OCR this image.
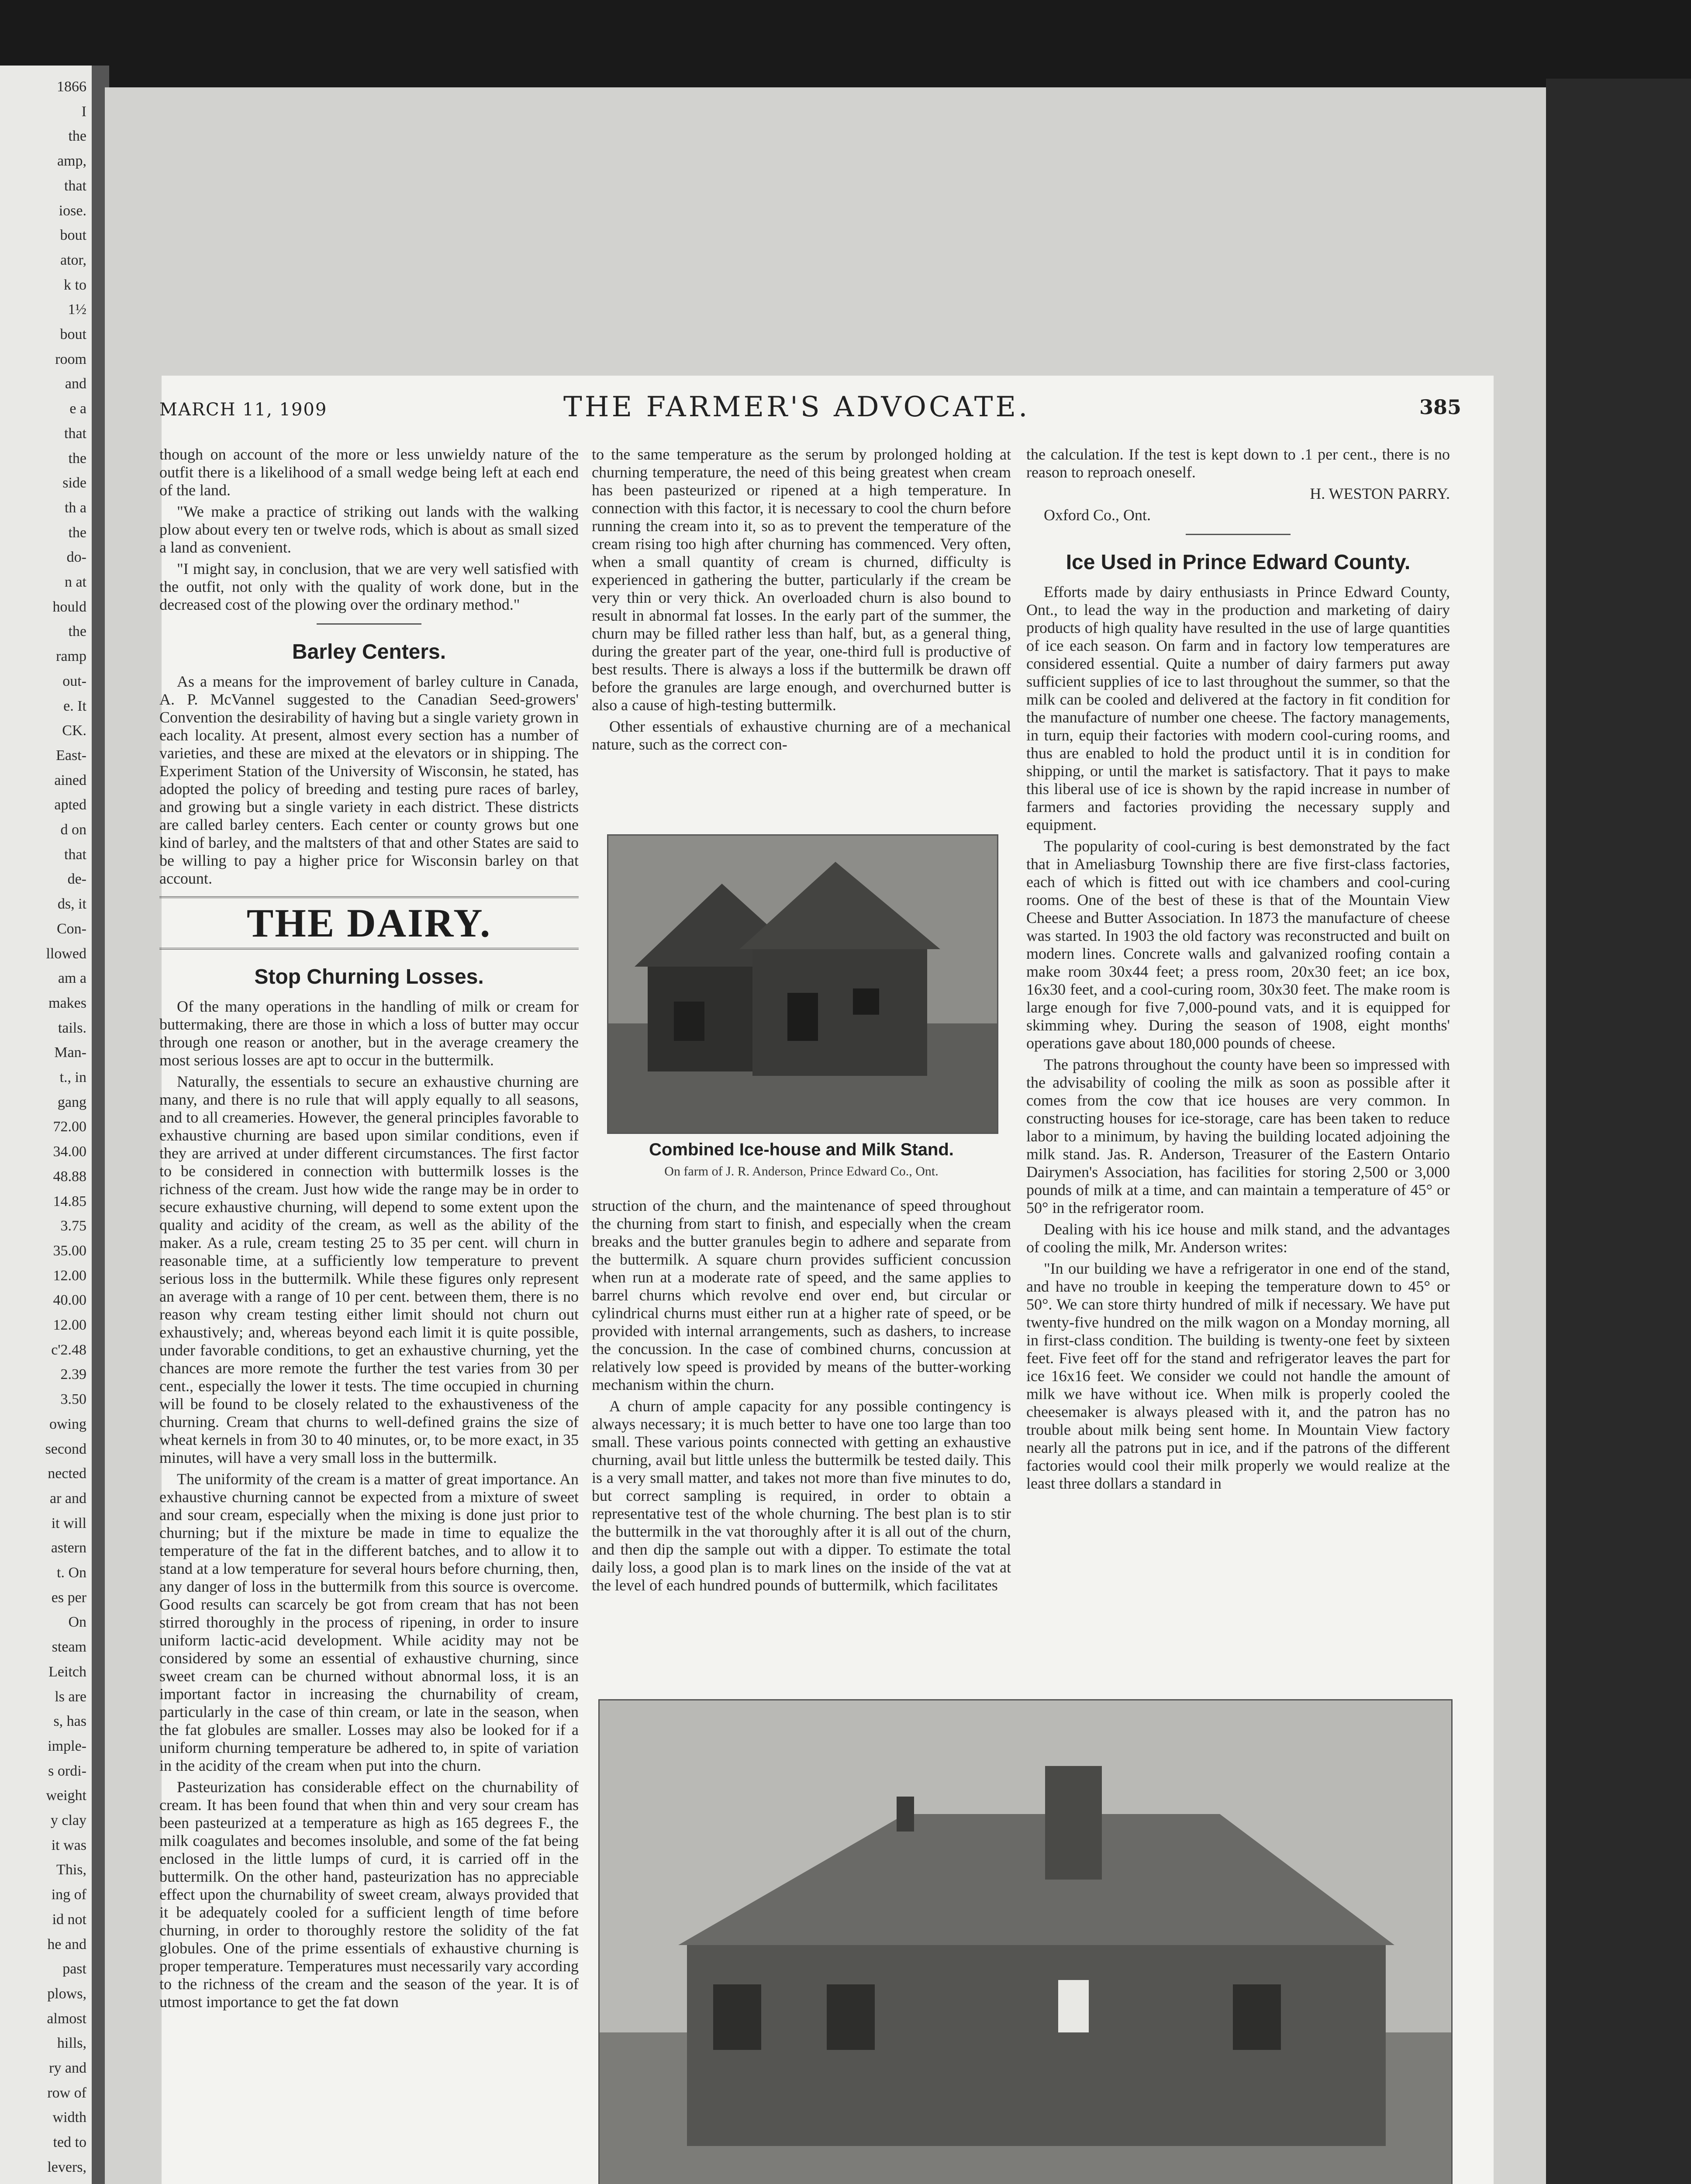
1866
I
the
amp,
that
iose.
bout
ator,
k to
1½
bout
room
and
e a
that
the
side
th a
the
do-
n at
hould
the
ramp
out-
e. It
CK.
East-
ained
apted
d on
that
de-
ds, it
Con-
llowed
am a
makes
tails.
Man-
t., in
gang
72.00
34.00
48.88
14.85
3.75
35.00
12.00
40.00
12.00
c'2.48
2.39
3.50
owing
second
nected
ar and
it will
astern
t. On
es per
On
steam
Leitch
ls are
s, has
imple-
s ordi-
weight
y clay
it was
This,
ing of
id not
he and
past
plows,
almost
hills,
ry and
row of
width
ted to
levers,
MARCH 11, 1909	THE FARMER'S ADVOCATE.	385

though on account of the more or less unwieldy nature of the outfit there is a likelihood of a small wedge being left at each end of the land.

"We make a practice of striking out lands with the walking plow about every ten or twelve rods, which is about as small sized a land as convenient.

"I might say, in conclusion, that we are very well satisfied with the outfit, not only with the quality of work done, but in the decreased cost of the plowing over the ordinary method."

Barley Centers.

As a means for the improvement of barley culture in Canada, A. P. McVannel suggested to the Canadian Seed-growers' Convention the desirability of having but a single variety grown in each locality. At present, almost every section has a number of varieties, and these are mixed at the elevators or in shipping. The Experiment Station of the University of Wisconsin, he stated, has adopted the policy of breeding and testing pure races of barley, and growing but a single variety in each district. These districts are called barley centers. Each center or county grows but one kind of barley, and the maltsters of that and other States are said to be willing to pay a higher price for Wisconsin barley on that account.

THE DAIRY.
Stop Churning Losses.

Of the many operations in the handling of milk or cream for buttermaking, there are those in which a loss of butter may occur through one reason or another, but in the average creamery the most serious losses are apt to occur in the buttermilk.

Naturally, the essentials to secure an exhaustive churning are many, and there is no rule that will apply equally to all seasons, and to all creameries. However, the general principles favorable to exhaustive churning are based upon similar conditions, even if they are arrived at under different circumstances. The first factor to be considered in connection with buttermilk losses is the richness of the cream. Just how wide the range may be in order to secure exhaustive churning, will depend to some extent upon the quality and acidity of the cream, as well as the ability of the maker. As a rule, cream testing 25 to 35 per cent. will churn in reasonable time, at a sufficiently low temperature to prevent serious loss in the buttermilk. While these figures only represent an average with a range of 10 per cent. between them, there is no reason why cream testing either limit should not churn out exhaustively; and, whereas beyond each limit it is quite possible, under favorable conditions, to get an exhaustive churning, yet the chances are more remote the further the test varies from 30 per cent., especially the lower it tests. The time occupied in churning will be found to be closely related to the exhaustiveness of the churning. Cream that churns to well-defined grains the size of wheat kernels in from 30 to 40 minutes, or, to be more exact, in 35 minutes, will have a very small loss in the buttermilk.

The uniformity of the cream is a matter of great importance. An exhaustive churning cannot be expected from a mixture of sweet and sour cream, especially when the mixing is done just prior to churning; but if the mixture be made in time to equalize the temperature of the fat in the different batches, and to allow it to stand at a low temperature for several hours before churning, then, any danger of loss in the buttermilk from this source is overcome. Good results can scarcely be got from cream that has not been stirred thoroughly in the process of ripening, in order to insure uniform lactic-acid development. While acidity may not be considered by some an essential of exhaustive churning, since sweet cream can be churned without abnormal loss, it is an important factor in increasing the churnability of cream, particularly in the case of thin cream, or late in the season, when the fat globules are smaller. Losses may also be looked for if a uniform churning temperature be adhered to, in spite of variation in the acidity of the cream when put into the churn.

Pasteurization has considerable effect on the churnability of cream. It has been found that when thin and very sour cream has been pasteurized at a temperature as high as 165 degrees F., the milk coagulates and becomes insoluble, and some of the fat being enclosed in the little lumps of curd, it is carried off in the buttermilk. On the other hand, pasteurization has no appreciable effect upon the churnability of sweet cream, always provided that it be adequately cooled for a sufficient length of time before churning, in order to thoroughly restore the solidity of the fat globules. One of the prime essentials of exhaustive churning is proper temperature. Temperatures must necessarily vary according to the richness of the cream and the season of the year. It is of utmost importance to get the fat down

to the same temperature as the serum by prolonged holding at churning temperature, the need of this being greatest when cream has been pasteurized or ripened at a high temperature. In connection with this factor, it is necessary to cool the churn before running the cream into it, so as to prevent the temperature of the cream rising too high after churning has commenced. Very often, when a small quantity of cream is churned, difficulty is experienced in gathering the butter, particularly if the cream be very thin or very thick. An overloaded churn is also bound to result in abnormal fat losses. In the early part of the summer, the churn may be filled rather less than half, but, as a general thing, during the greater part of the year, one-third full is productive of best results. There is always a loss if the buttermilk be drawn off before the granules are large enough, and overchurned butter is also a cause of high-testing buttermilk.

Other essentials of exhaustive churning are of a mechanical nature, such as the correct con-

Combined Ice-house and Milk Stand.
On farm of J. R. Anderson, Prince Edward Co., Ont.

struction of the churn, and the maintenance of speed throughout the churning from start to finish, and especially when the cream breaks and the butter granules begin to adhere and separate from the buttermilk. A square churn provides sufficient concussion when run at a moderate rate of speed, and the same applies to barrel churns which revolve end over end, but circular or cylindrical churns must either run at a higher rate of speed, or be provided with internal arrangements, such as dashers, to increase the concussion. In the case of combined churns, concussion at relatively low speed is provided by means of the butter-working mechanism within the churn.

A churn of ample capacity for any possible contingency is always necessary; it is much better to have one too large than too small. These various points connected with getting an exhaustive churning, avail but little unless the buttermilk be tested daily. This is a very small matter, and takes not more than five minutes to do, but correct sampling is required, in order to obtain a representative test of the whole churning. The best plan is to stir the buttermilk in the vat thoroughly after it is all out of the churn, and then dip the sample out with a dipper. To estimate the total daily loss, a good plan is to mark lines on the inside of the vat at the level of each hundred pounds of buttermilk, which facilitates

the calculation. If the test is kept down to .1 per cent., there is no reason to reproach oneself.

H. WESTON PARRY.

Oxford Co., Ont.

Ice Used in Prince Edward County.

Efforts made by dairy enthusiasts in Prince Edward County, Ont., to lead the way in the production and marketing of dairy products of high quality have resulted in the use of large quantities of ice each season. On farm and in factory low temperatures are considered essential. Quite a number of dairy farmers put away sufficient supplies of ice to last throughout the summer, so that the milk can be cooled and delivered at the factory in fit condition for the manufacture of number one cheese. The factory managements, in turn, equip their factories with modern cool-curing rooms, and thus are enabled to hold the product until it is in condition for shipping, or until the market is satisfactory. That it pays to make this liberal use of ice is shown by the rapid increase in number of farmers and factories providing the necessary supply and equipment.

The popularity of cool-curing is best demonstrated by the fact that in Ameliasburg Township there are five first-class factories, each of which is fitted out with ice chambers and cool-curing rooms. One of the best of these is that of the Mountain View Cheese and Butter Association. In 1873 the manufacture of cheese was started. In 1903 the old factory was reconstructed and built on modern lines. Concrete walls and galvanized roofing contain a make room 30x44 feet; a press room, 20x30 feet; an ice box, 16x30 feet, and a cool-curing room, 30x30 feet. The make room is large enough for five 7,000-pound vats, and it is equipped for skimming whey. During the season of 1908, eight months' operations gave about 180,000 pounds of cheese.

The patrons throughout the county have been so impressed with the advisability of cooling the milk as soon as possible after it comes from the cow that ice houses are very common. In constructing houses for ice-storage, care has been taken to reduce labor to a minimum, by having the building located adjoining the milk stand. Jas. R. Anderson, Treasurer of the Eastern Ontario Dairymen's Association, has facilities for storing 2,500 or 3,000 pounds of milk at a time, and can maintain a temperature of 45° or 50° in the refrigerator room.

Dealing with his ice house and milk stand, and the advantages of cooling the milk, Mr. Anderson writes:

"In our building we have a refrigerator in one end of the stand, and have no trouble in keeping the temperature down to 45° or 50°. We can store thirty hundred of milk if necessary. We have put twenty-five hundred on the milk wagon on a Monday morning, all in first-class condition. The building is twenty-one feet by sixteen feet. Five feet off for the stand and refrigerator leaves the part for ice 16x16 feet. We consider we could not handle the amount of milk we have without ice. When milk is properly cooled the cheesemaker is always pleased with it, and the patron has no trouble about milk being sent home. In Mountain View factory nearly all the patrons put in ice, and if the patrons of the different factories would cool their milk properly we would realize at the least three dollars a standard in
